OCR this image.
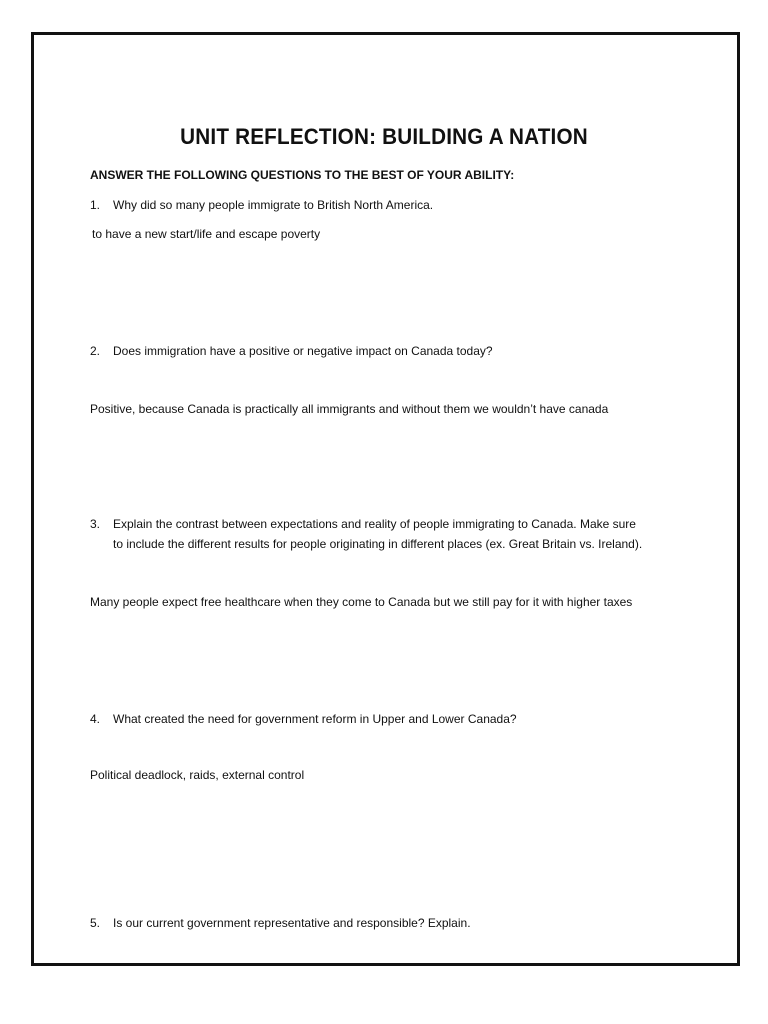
UNIT REFLECTION: BUILDING A NATION
ANSWER THE FOLLOWING QUESTIONS TO THE BEST OF YOUR ABILITY:
1. Why did so many people immigrate to British North America.
to have a new start/life and escape poverty
2. Does immigration have a positive or negative impact on Canada today?
Positive, because Canada is practically all immigrants and without them we wouldn’t have canada
3. Explain the contrast between expectations and reality of people immigrating to Canada. Make sure
to include the different results for people originating in different places (ex. Great Britain vs. Ireland).
Many people expect free healthcare when they come to Canada but we still pay for it with higher taxes
4. What created the need for government reform in Upper and Lower Canada?
Political deadlock, raids, external control
5. Is our current government representative and responsible? Explain.
